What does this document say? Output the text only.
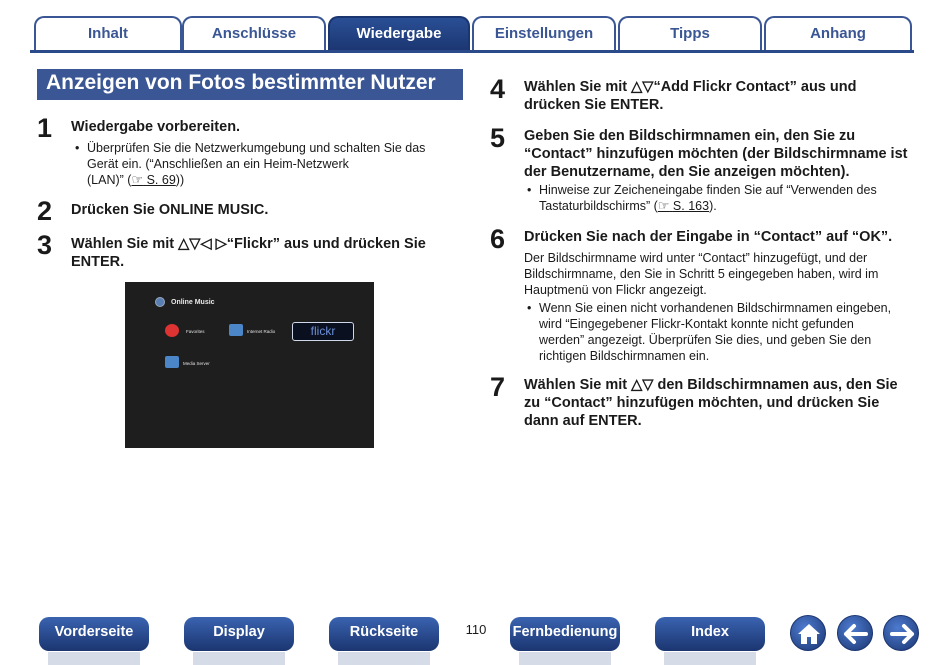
Inhalt	Anschlüsse	Wiedergabe	Einstellungen	Tipps	Anhang
Anzeigen von Fotos bestimmter Nutzer
1 Wiedergabe vorbereiten.
• Überprüfen Sie die Netzwerkumgebung und schalten Sie das
Gerät ein. (“Anschließen an ein Heim-Netzwerk
(LAN)” (☞ S. 69))
2 Drücken Sie ONLINE MUSIC.
3 Wählen Sie mit △▽◁ ▷“Flickr” aus und drücken Sie
ENTER.
Online Music
Favorites	Internet Radio	flickr
Media Server
4 Wählen Sie mit △▽“Add Flickr Contact” aus und
drücken Sie ENTER.
5 Geben Sie den Bildschirmnamen ein, den Sie zu
“Contact” hinzufügen möchten (der Bildschirmname ist
der Benutzername, den Sie anzeigen möchten).
• Hinweise zur Zeicheneingabe finden Sie auf “Verwenden des
Tastaturbildschirms” (☞ S. 163).
6 Drücken Sie nach der Eingabe in “Contact” auf “OK”.
Der Bildschirmname wird unter “Contact” hinzugefügt, und der
Bildschirmname, den Sie in Schritt 5 eingegeben haben, wird im
Hauptmenü von Flickr angezeigt.
• Wenn Sie einen nicht vorhandenen Bildschirmnamen eingeben,
wird “Eingegebener Flickr-Kontakt konnte nicht gefunden
werden” angezeigt. Überprüfen Sie dies, und geben Sie den
richtigen Bildschirmnamen ein.
7 Wählen Sie mit △▽ den Bildschirmnamen aus, den Sie
zu “Contact” hinzufügen möchten, und drücken Sie
dann auf ENTER.
Vorderseite	Display	Rückseite	110	Fernbedienung	Index
